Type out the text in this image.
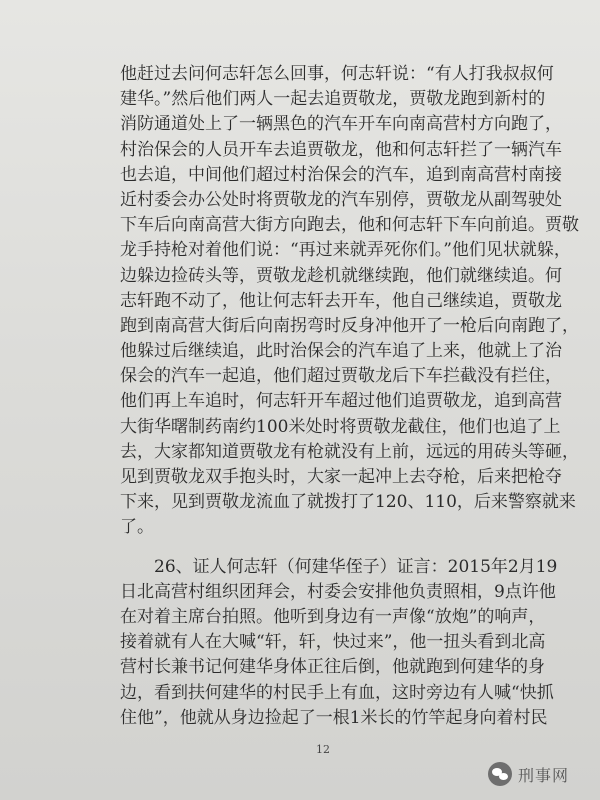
他赶过去问何志轩怎么回事，何志轩说：“有人打我叔叔何
建华。”然后他们两人一起去追贾敬龙，贾敬龙跑到新村的
消防通道处上了一辆黑色的汽车开车向南高营村方向跑了，
村治保会的人员开车去追贾敬龙，他和何志轩拦了一辆汽车
也去追，中间他们超过村治保会的汽车，追到南高营村南接
近村委会办公处时将贾敬龙的汽车别停，贾敬龙从副驾驶处
下车后向南高营大街方向跑去，他和何志轩下车向前追。贾敬
龙手持枪对着他们说：“再过来就弄死你们。”他们见状就躲，
边躲边捡砖头等，贾敬龙趁机就继续跑，他们就继续追。何
志轩跑不动了，他让何志轩去开车，他自己继续追，贾敬龙
跑到南高营大街后向南拐弯时反身冲他开了一枪后向南跑了，
他躲过后继续追，此时治保会的汽车追了上来，他就上了治
保会的汽车一起追，他们超过贾敬龙后下车拦截没有拦住，
他们再上车追时，何志轩开车超过他们追贾敬龙，追到高营
大街华曙制药南约100米处时将贾敬龙截住，他们也追了上
去，大家都知道贾敬龙有枪就没有上前，远远的用砖头等砸，
见到贾敬龙双手抱头时，大家一起冲上去夺枪，后来把枪夺
下来，见到贾敬龙流血了就拨打了120、110，后来警察就来
了。
　　26、证人何志轩（何建华侄子）证言：2015年2月19
日北高营村组织团拜会，村委会安排他负责照相，9点许他
在对着主席台拍照。他听到身边有一声像“放炮”的响声，
接着就有人在大喊“轩，轩，快过来”，他一扭头看到北高
营村长兼书记何建华身体正往后倒，他就跑到何建华的身
边，看到扶何建华的村民手上有血，这时旁边有人喊“快抓
住他”，他就从身边捡起了一根1米长的竹竿起身向着村民
12
刑事网
